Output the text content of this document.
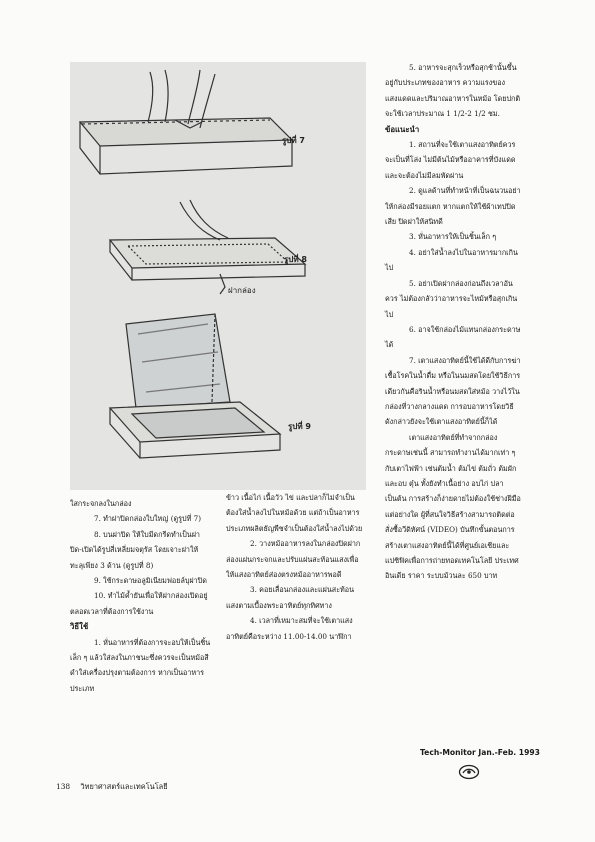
รูปที่ 7
รูปที่ 8
ฝากล่อง
รูปที่ 9

ใสกระจกลงในกล่อง

7. ทำฝาปิดกล่องใบใหญ่ (ดูรูปที่ 7)

8. บนฝาปิด ให้ใบมีดกรีดทำเป็นฝาปิด-เปิดได้รูปสี่เหลี่ยมจตุรัส โดยเจาะฝาให้ทะลุเพียง 3 ด้าน (ดูรูปที่ 8)

9. ใช้กระดาษอลูมิเนียมฟอยล์บุฝาปิด

10. ทำไม้ค้ำยันเพื่อให้ฝากล่องเปิดอยู่ตลอดเวลาที่ต้องการใช้งาน

วิธีใช้

1. หั่นอาหารที่ต้องการจะอบให้เป็นชิ้นเล็ก ๆ แล้วใส่ลงในภาชนะซึ่งควรจะเป็นหม้อสีดำใส่เครื่องปรุงตามต้องการ หากเป็นอาหารประเภท

ข้าว เนื้อไก่ เนื้อวัว ไข่ และปลาก็ไม่จำเป็นต้องใส่น้ำลงไปในหม้อด้วย แต่ถ้าเป็นอาหารประเภทผลิตธัญพืชจำเป็นต้องใส่น้ำลงไปด้วย

2. วางหม้ออาหารลงในกล่องปิดฝากล่องแผ่นกระจกและปรับแผ่นสะท้อนแสงเพื่อให้แสงอาทิตย์ส่องตรงหม้ออาหารพอดี

3. คอยเลื่อนกล่องและแผ่นสะท้อนแสงตามเบื้องพระอาทิตย์ทุกทิศทาง

4. เวลาที่เหมาะสมที่จะใช้เตาแสงอาทิตย์คือระหว่าง 11.00-14.00 นาฬิกา

5. อาหารจะสุกเร็วหรือสุกช้านั้นขึ้นอยู่กับประเภทของอาหาร ความแรงของแสงแดดและปริมาณอาหารในหม้อ โดยปกติจะใช้เวลาประมาณ 1 1/2-2 1/2 ชม.

ข้อแนะนำ

1. สถานที่จะใช้เตาแสงอาทิตย์ควรจะเป็นที่โล่ง ไม่มีต้นไม้หรืออาคารที่บังแดดและจะต้องไม่มีลมพัดผ่าน

2. ดูแลด้านที่ทำหน้าที่เป็นฉนวนอย่าให้กล่องมีรอยแตก หากแตกให้ใช้ผ้าเทปปิดเสีย ปิดฝาให้สนิทดี

3. หั่นอาหารให้เป็นชิ้นเล็ก ๆ

4. อย่าใส่น้ำลงไปในอาหารมากเกินไป

5. อย่าเปิดฝากล่องก่อนถึงเวลาอันควร ไม่ต้องกลัวว่าอาหารจะไหม้หรือสุกเกินไป

6. อาจใช้กล่องไม้แทนกล่องกระดาษได้

7. เตาแสงอาทิตย์นี้ใช้ได้ดีกับการฆ่าเชื้อโรคในน้ำดื่ม หรือในนมสดโดยใช้วิธีการเดียวกันคือรินน้ำหรือนมสดใส่หม้อ วางไว้ในกล่องที่วางกลางแดด การอบอาหารโดยวิธีดังกล่าวยังจะใช้เตาแสงอาทิตย์นี้ก็ได้

เตาแสงอาทิตย์ที่ทำจากกล่องกระดาษเช่นนี้ สามารถทำงานได้มากเท่า ๆ กับเตาไฟฟ้า เช่นต้มน้ำ ต้มไข่ ต้มถั่ว ต้มผักและอบ ตุ๋น ทั้งยังทำเนื้อย่าง อบไก่ ปลา เป็นต้น การสร้างก็ง่ายดายไม่ต้องใช้ช่างฝีมือแต่อย่างใด ผู้ที่สนใจวิธีสร้างสามารถติดต่อสั่งซื้อวีดิทัศน์ (VIDEO) บันทึกขั้นตอนการสร้างเตาแสงอาทิตย์นี้ได้ที่ศูนย์เอเชียและแปซิฟิคเพื่อการถ่ายทอดเทคโนโลยี ประเทศอินเดีย ราคา ระบบม้วนละ 650 บาท

Tech-Monitor Jan.-Feb. 1993
138 วิทยาศาสตร์และเทคโนโลยี
